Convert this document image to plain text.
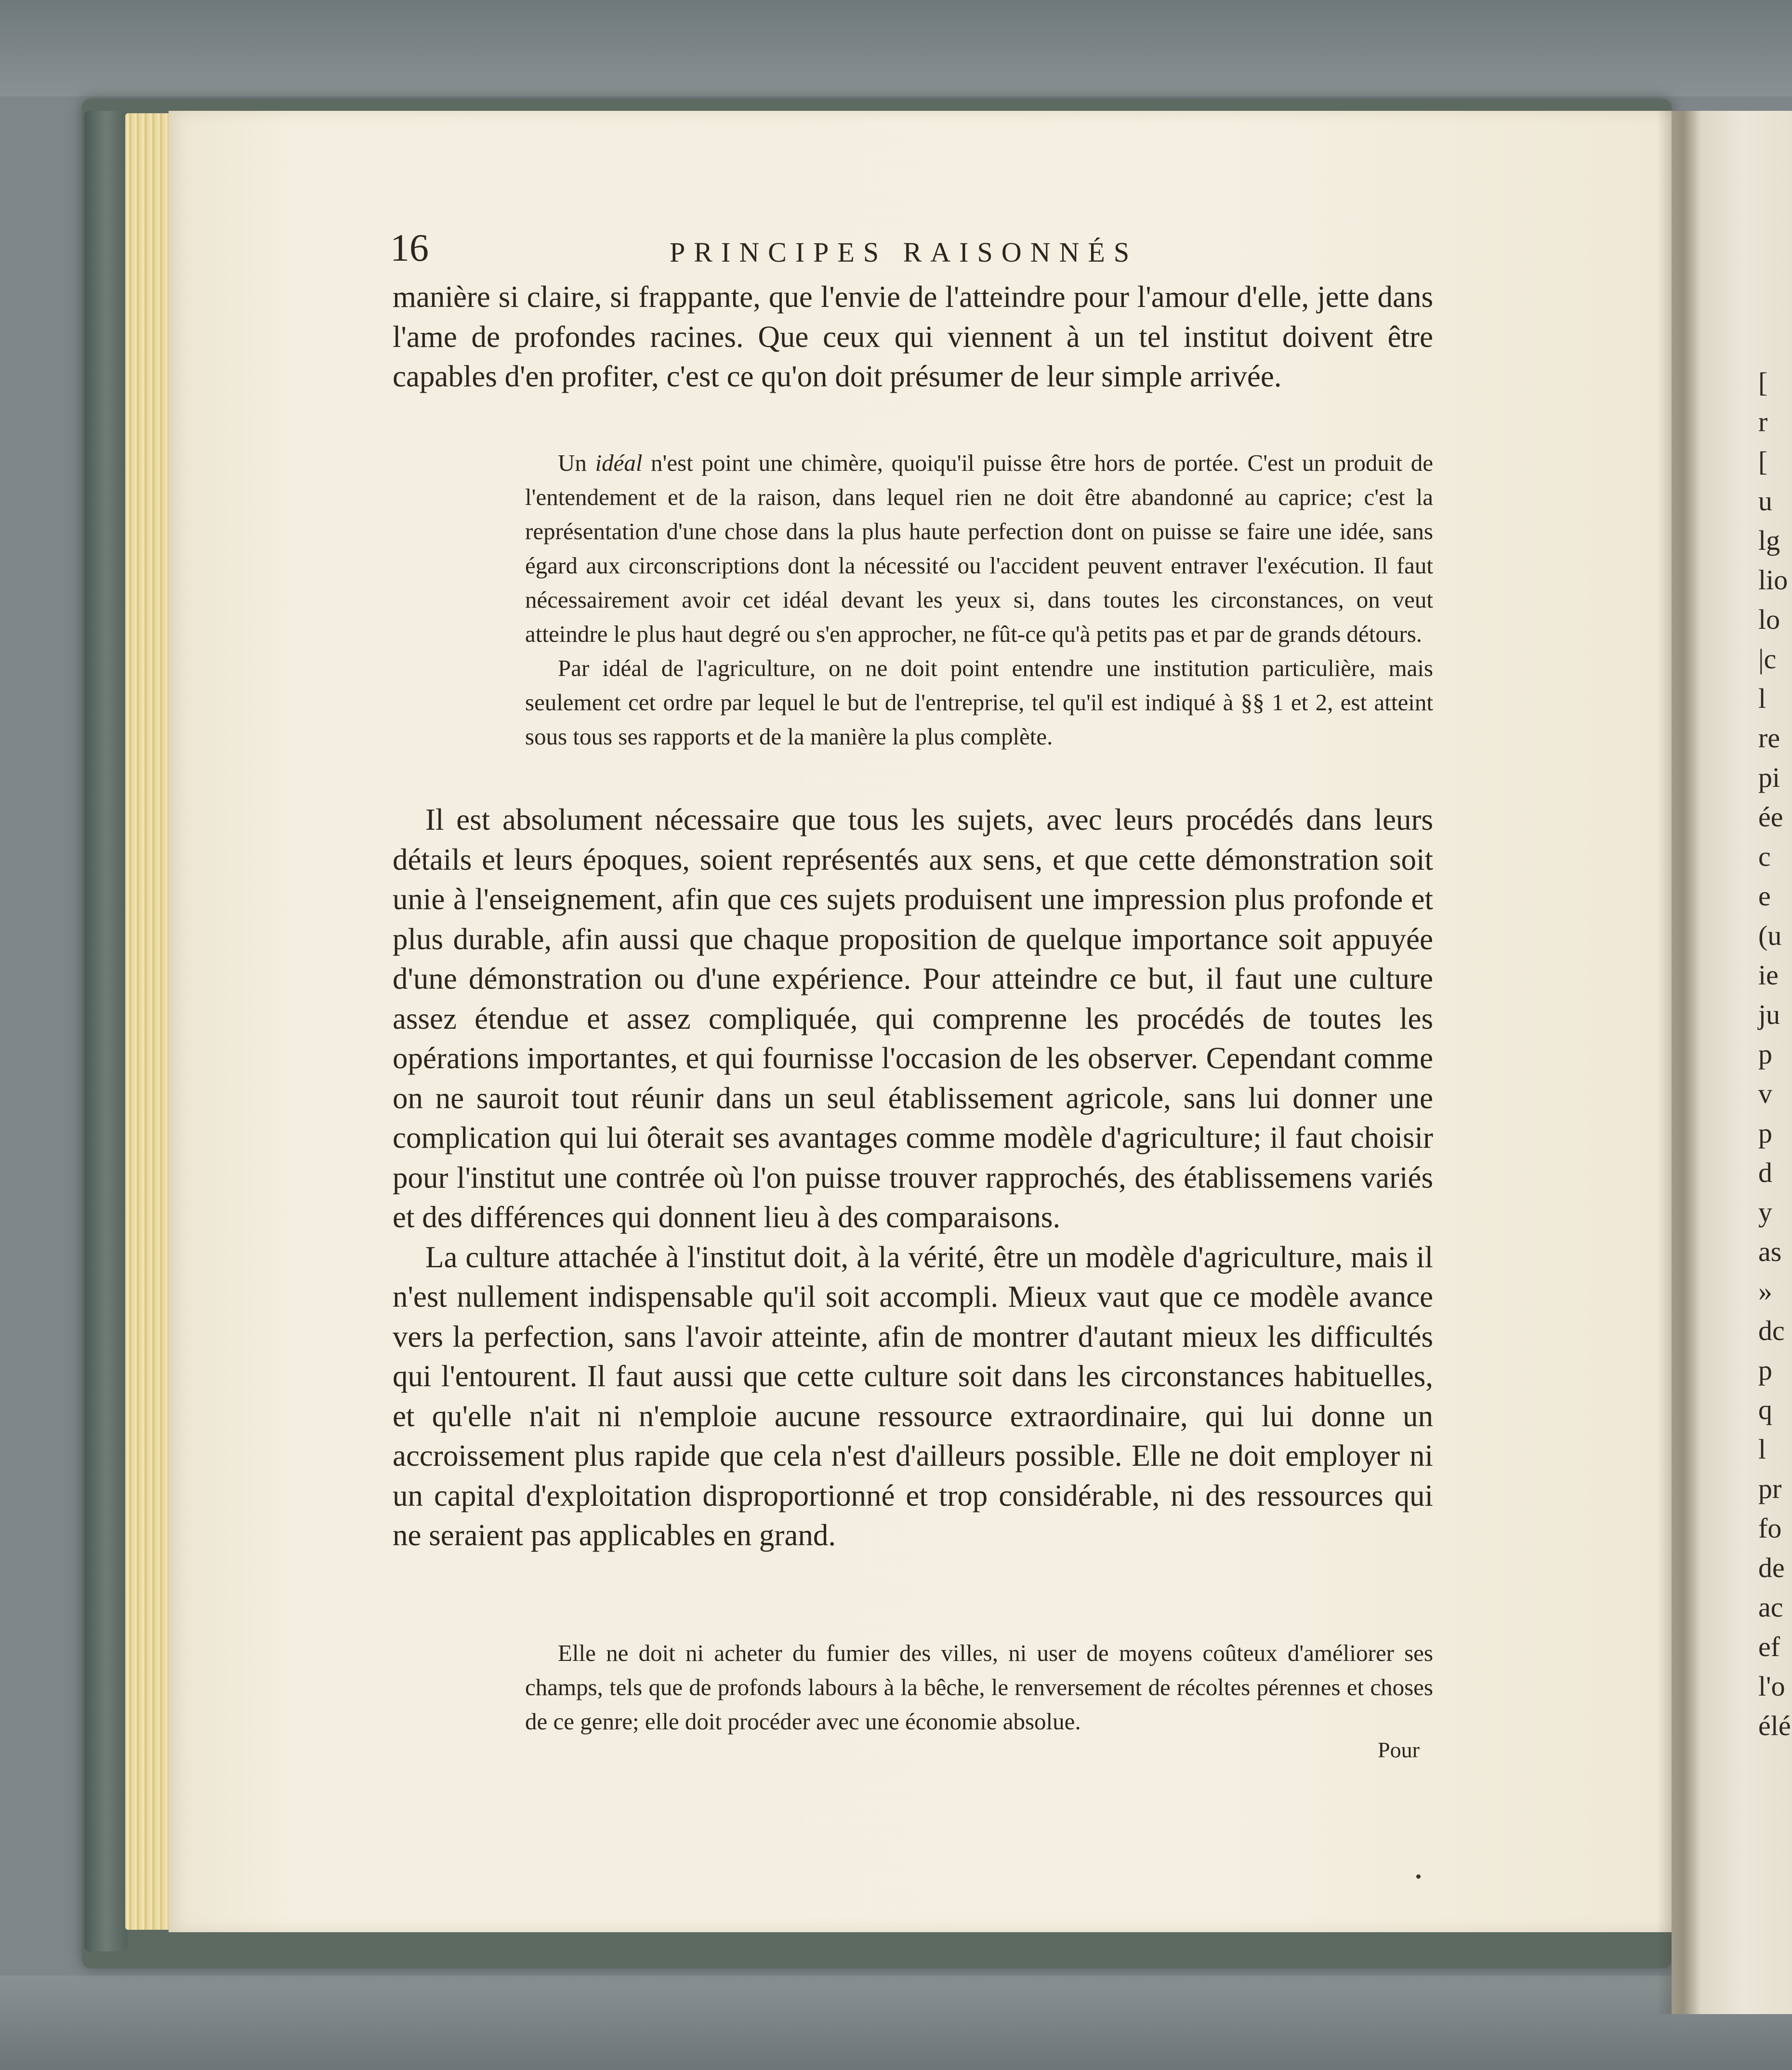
[
r
[
u
lg
lio
lo
|c
l
re
pi
ée
c
e
(u
ie
ju
p
v
p
d
y
as
»
dc
p
q
l
pr
fo
de
ac
ef
l'o
élé
16	PRINCIPES RAISONNÉS

manière si claire, si frappante, que l'envie de l'atteindre pour l'amour d'elle, jette dans l'ame de profondes racines. Que ceux qui viennent à un tel institut doivent être capables d'en profiter, c'est ce qu'on doit présumer de leur simple arrivée.

Un idéal n'est point une chimère, quoiqu'il puisse être hors de portée. C'est un produit de l'entendement et de la raison, dans lequel rien ne doit être abandonné au caprice; c'est la représentation d'une chose dans la plus haute perfection dont on puisse se faire une idée, sans égard aux circonscriptions dont la nécessité ou l'accident peuvent entraver l'exécution. Il faut nécessairement avoir cet idéal devant les yeux si, dans toutes les circonstances, on veut atteindre le plus haut degré ou s'en approcher, ne fût-ce qu'à petits pas et par de grands détours.

Par idéal de l'agriculture, on ne doit point entendre une institution particulière, mais seulement cet ordre par lequel le but de l'entreprise, tel qu'il est indiqué à §§ 1 et 2, est atteint sous tous ses rapports et de la manière la plus complète.

Il est absolument nécessaire que tous les sujets, avec leurs procédés dans leurs détails et leurs époques, soient représentés aux sens, et que cette démonstration soit unie à l'enseignement, afin que ces sujets produisent une impression plus profonde et plus durable, afin aussi que chaque proposition de quelque importance soit appuyée d'une démonstration ou d'une expérience. Pour atteindre ce but, il faut une culture assez étendue et assez compliquée, qui comprenne les procédés de toutes les opérations importantes, et qui fournisse l'occasion de les observer. Cependant comme on ne sauroit tout réunir dans un seul établissement agricole, sans lui donner une complication qui lui ôterait ses avantages comme modèle d'agriculture; il faut choisir pour l'institut une contrée où l'on puisse trouver rapprochés, des établissemens variés et des différences qui donnent lieu à des comparaisons.

La culture attachée à l'institut doit, à la vérité, être un modèle d'agriculture, mais il n'est nullement indispensable qu'il soit accompli. Mieux vaut que ce modèle avance vers la perfection, sans l'avoir atteinte, afin de montrer d'autant mieux les difficultés qui l'entourent. Il faut aussi que cette culture soit dans les circonstances habituelles, et qu'elle n'ait ni n'emploie aucune ressource extraordinaire, qui lui donne un accroissement plus rapide que cela n'est d'ailleurs possible. Elle ne doit employer ni un capital d'exploitation disproportionné et trop considérable, ni des ressources qui ne seraient pas applicables en grand.

Elle ne doit ni acheter du fumier des villes, ni user de moyens coûteux d'améliorer ses champs, tels que de profonds labours à la bêche, le renversement de récoltes pérennes et choses de ce genre; elle doit procéder avec une économie absolue.

Pour
